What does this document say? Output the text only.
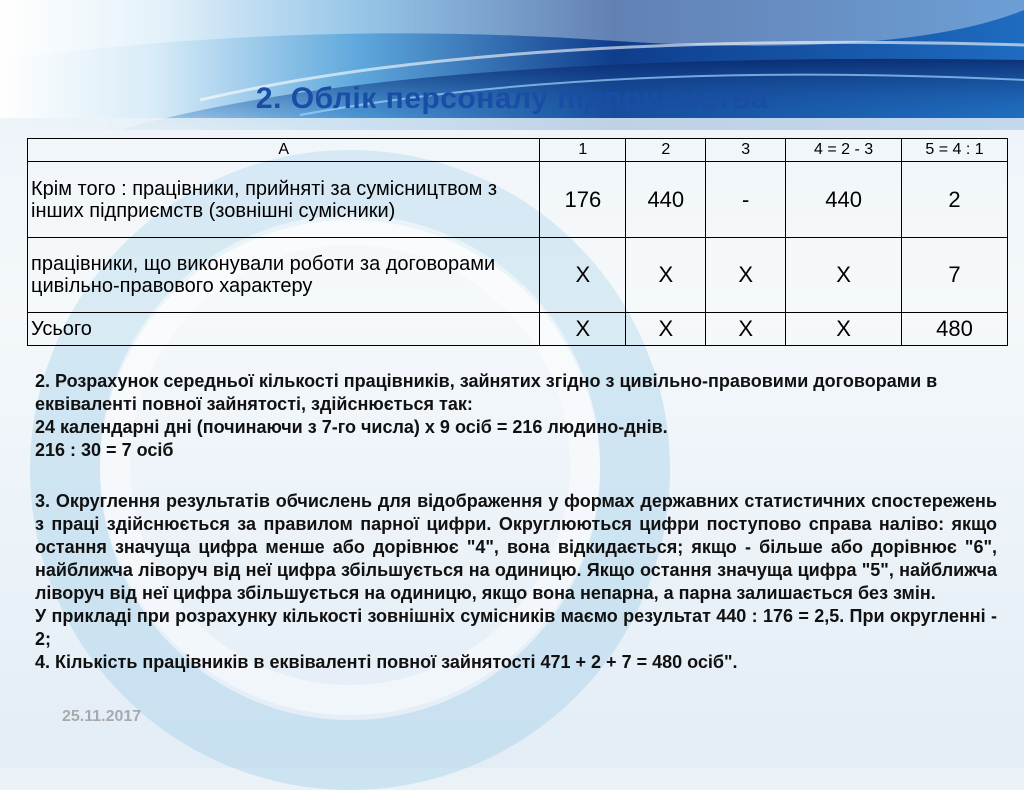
2. Облік персоналу підприємства
А	1	2	3	4 = 2 - 3	5 = 4 : 1
Крім того : працівники, прийняті за сумісництвом з інших підприємств (зовнішні сумісники)	176	440	-	440	2
працівники, що виконували роботи за договорами цивільно-правового характеру	Х	Х	Х	Х	7
Усього	Х	Х	Х	Х	480
2. Розрахунок середньої кількості працівників, зайнятих згідно з цивільно-правовими договорами в еквіваленті повної зайнятості, здійснюється так:
24 календарні дні (починаючи з 7-го числа) х 9 осіб = 216 людино-днів.
216 : 30 = 7 осіб
3. Округлення результатів обчислень для відображення у формах державних статистичних спостережень з праці здійснюється за правилом парної цифри. Округлюються цифри поступово справа наліво: якщо остання значуща цифра менше або дорівнює "4", вона відкидається; якщо - більше або дорівнює "6", найближча ліворуч від неї цифра збільшується на одиницю. Якщо остання значуща цифра "5", найближча ліворуч від неї цифра збільшується на одиницю, якщо вона непарна, а парна залишається без змін.
У прикладі при розрахунку кількості зовнішніх сумісників маємо результат 440 : 176 = 2,5. При округленні - 2;
4. Кількість працівників в еквіваленті повної зайнятості 471 + 2 + 7 = 480 осіб".
25.11.2017
